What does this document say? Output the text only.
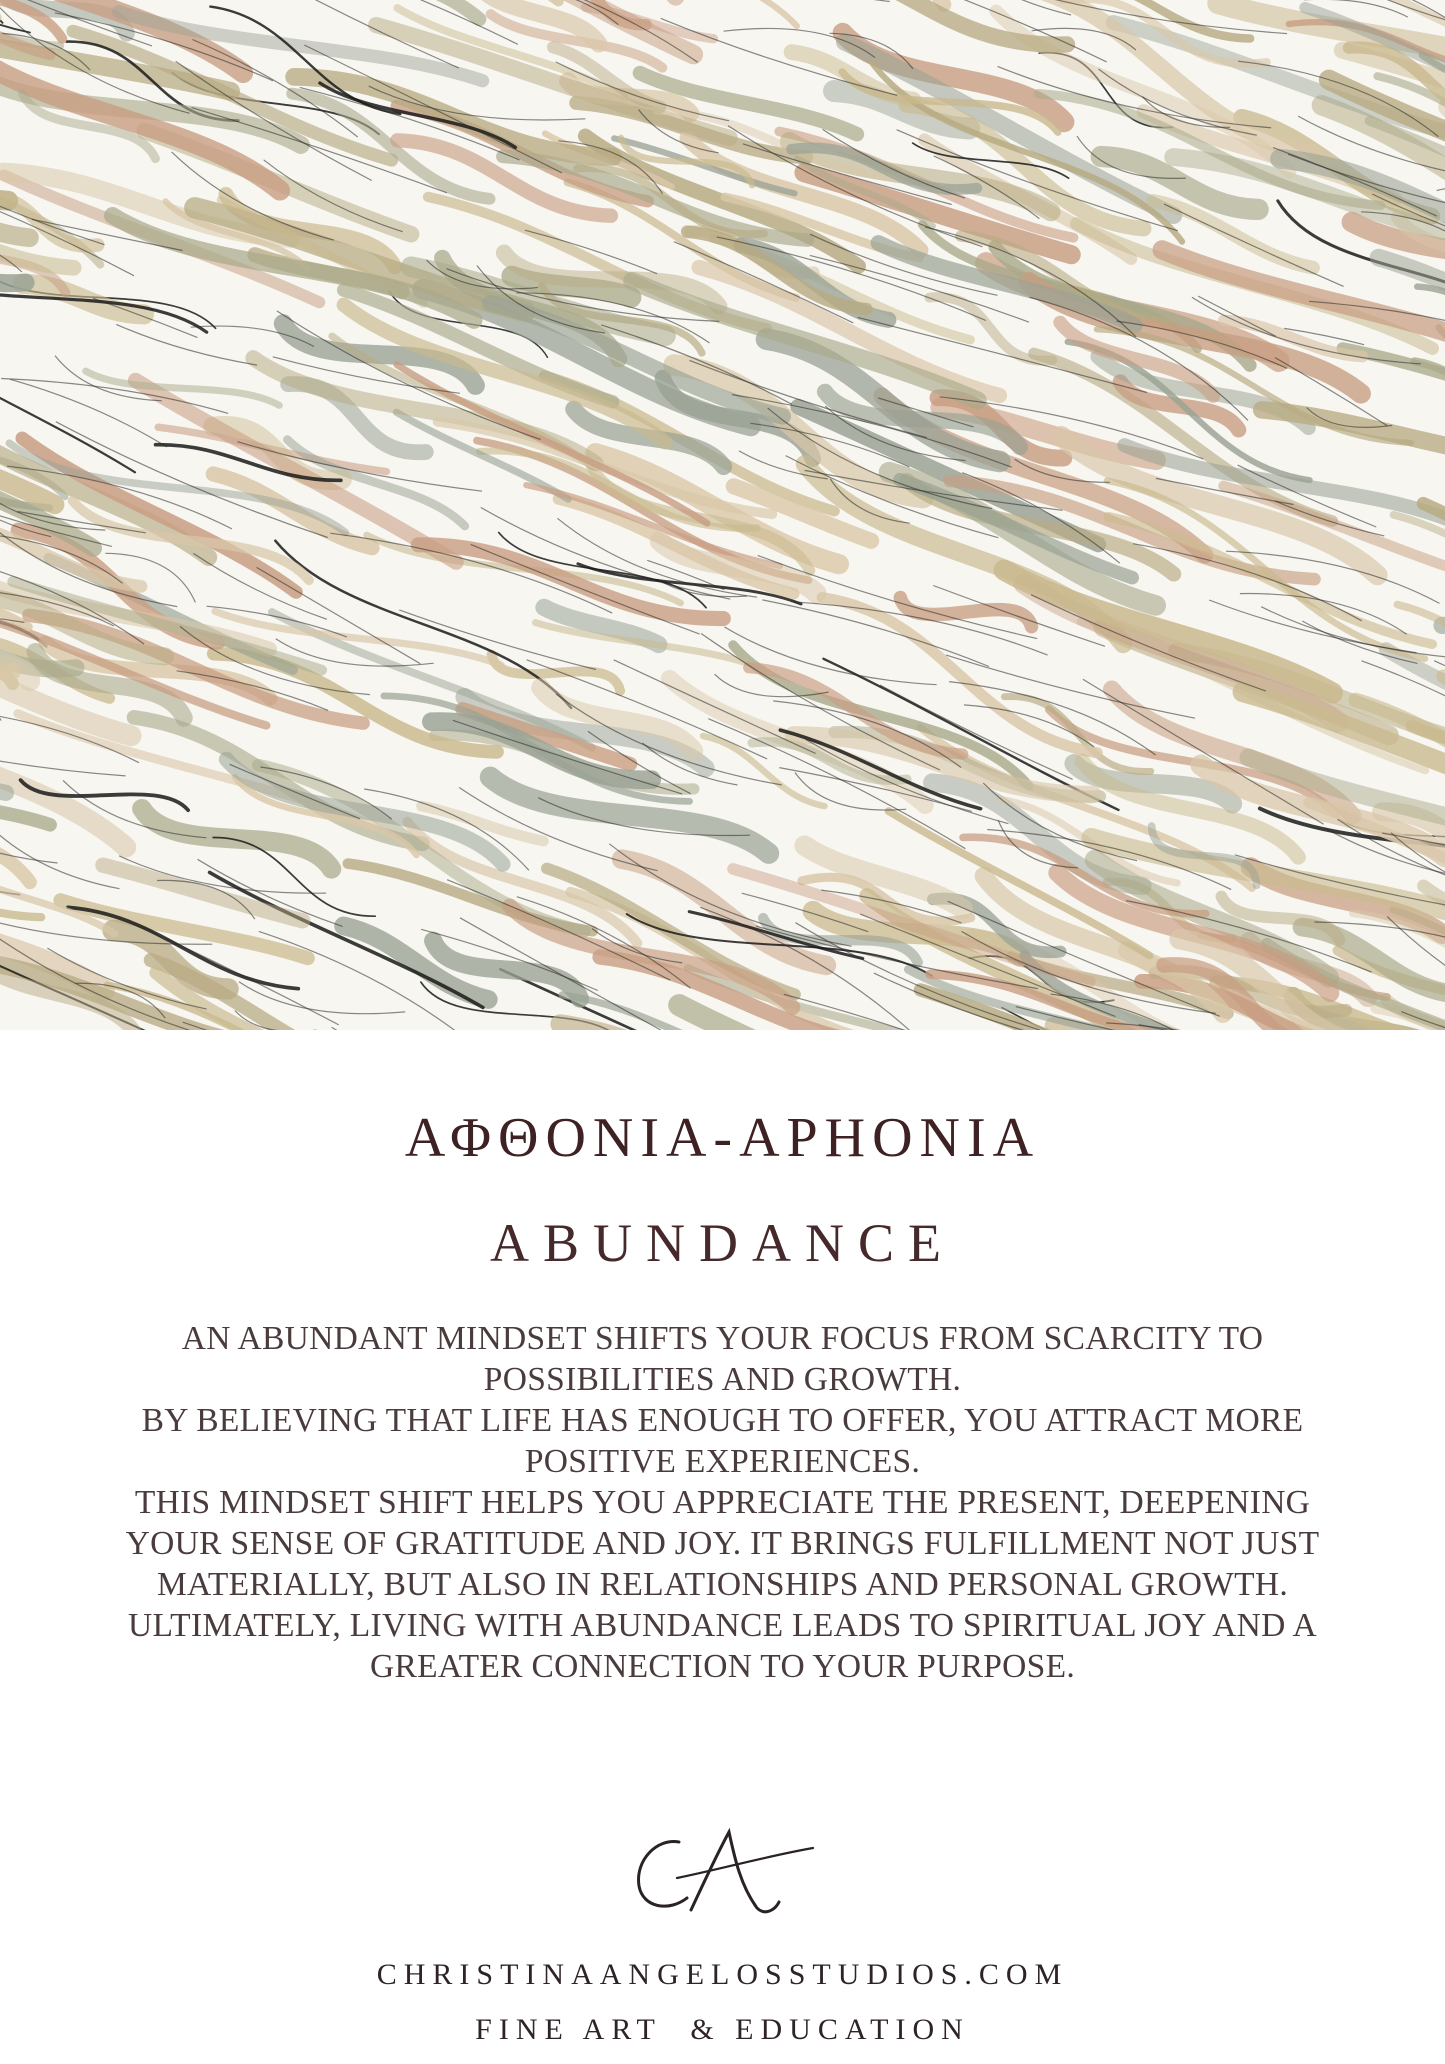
ΑΦΘΟΝΙΑ-APHONIA
ABUNDANCE

AN ABUNDANT MINDSET SHIFTS YOUR FOCUS FROM SCARCITY TO

POSSIBILITIES AND GROWTH.

BY BELIEVING THAT LIFE HAS ENOUGH TO OFFER, YOU ATTRACT MORE

POSITIVE EXPERIENCES.

THIS MINDSET SHIFT HELPS YOU APPRECIATE THE PRESENT, DEEPENING

YOUR SENSE OF GRATITUDE AND JOY. IT BRINGS FULFILLMENT NOT JUST

MATERIALLY, BUT ALSO IN RELATIONSHIPS AND PERSONAL GROWTH.

ULTIMATELY, LIVING WITH ABUNDANCE LEADS TO SPIRITUAL JOY AND A

GREATER CONNECTION TO YOUR PURPOSE.

CHRISTINAANGELOSSTUDIOS.COM
FINE ART  & EDUCATION
